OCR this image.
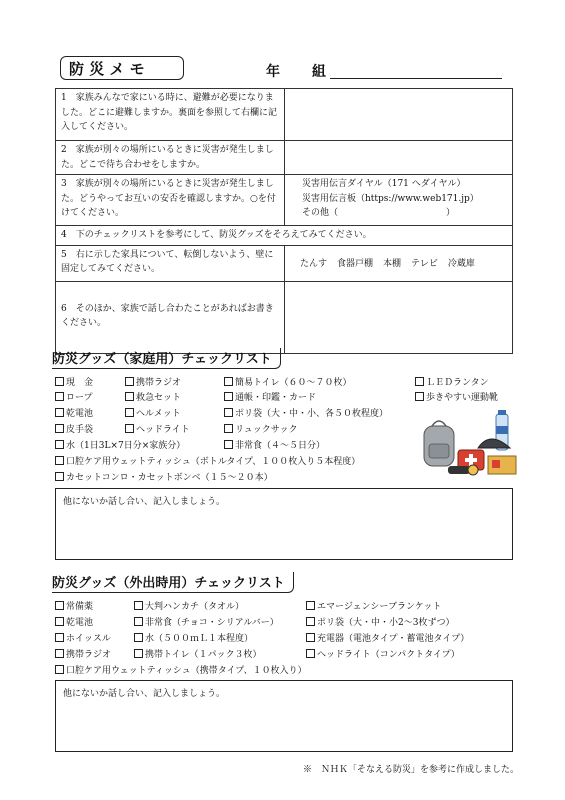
防 災 メ モ	年 組
1　家族みんなで家にいる時に、避難が必要になりました。どこに避難しますか。裏面を参照して右欄に記入してください。	
2　家族が別々の場所にいるときに災害が発生しました。どこで待ち合わせをしますか。	
3　家族が別々の場所にいるときに災害が発生しました。どうやってお互いの安否を確認しますか。○を付けてください。	災害用伝言ダイヤル（171 へダイヤル）
災害用伝言板（https://www.web171.jp）
その他（　　　　　　　　　　　　）

4　下のチェックリストを参考にして、防災グッズをそろえてみてください。	
5　右に示した家具について、転倒しないよう、壁に固定してみてください。	たんす 食器戸棚 本棚 テレビ 冷蔵庫

6　そのほか、家族で話し合わたことがあればお書きください。	

防災グッズ（家庭用）チェックリスト
現　金	携帯ラジオ	簡易トイレ（６０～７０枚）	ＬＥＤランタン
ロープ	救急セット	通帳・印鑑・カード	歩きやすい運動靴
乾電池	ヘルメット	ポリ袋（大・中・小、各５０枚程度）
皮手袋	ヘッドライト	リュックサック
水（1日3L×7日分×家族分）	非常食（４～５日分）
口腔ケア用ウェットティッシュ（ボトルタイプ、１００枚入り５本程度）
カセットコンロ・カセットボンベ（１５～２０本）
他にないか話し合い、記入しましょう。
防災グッズ（外出時用）チェックリスト
常備薬	大判ハンカチ（タオル）	エマージェンシーブランケット
乾電池	非常食（チョコ・シリアルバー）	ポリ袋（大・中・小2～3枚ずつ）
ホイッスル	水（５００ｍＬ１本程度）	充電器（電池タイプ・蓄電池タイプ）
携帯ラジオ	携帯トイレ（１パック３枚）	ヘッドライト（コンパクトタイプ）
口腔ケア用ウェットティッシュ（携帯タイプ、１０枚入り）
他にないか話し合い、記入しましょう。
※　ＮＨＫ「そなえる防災」を参考に作成しました。
